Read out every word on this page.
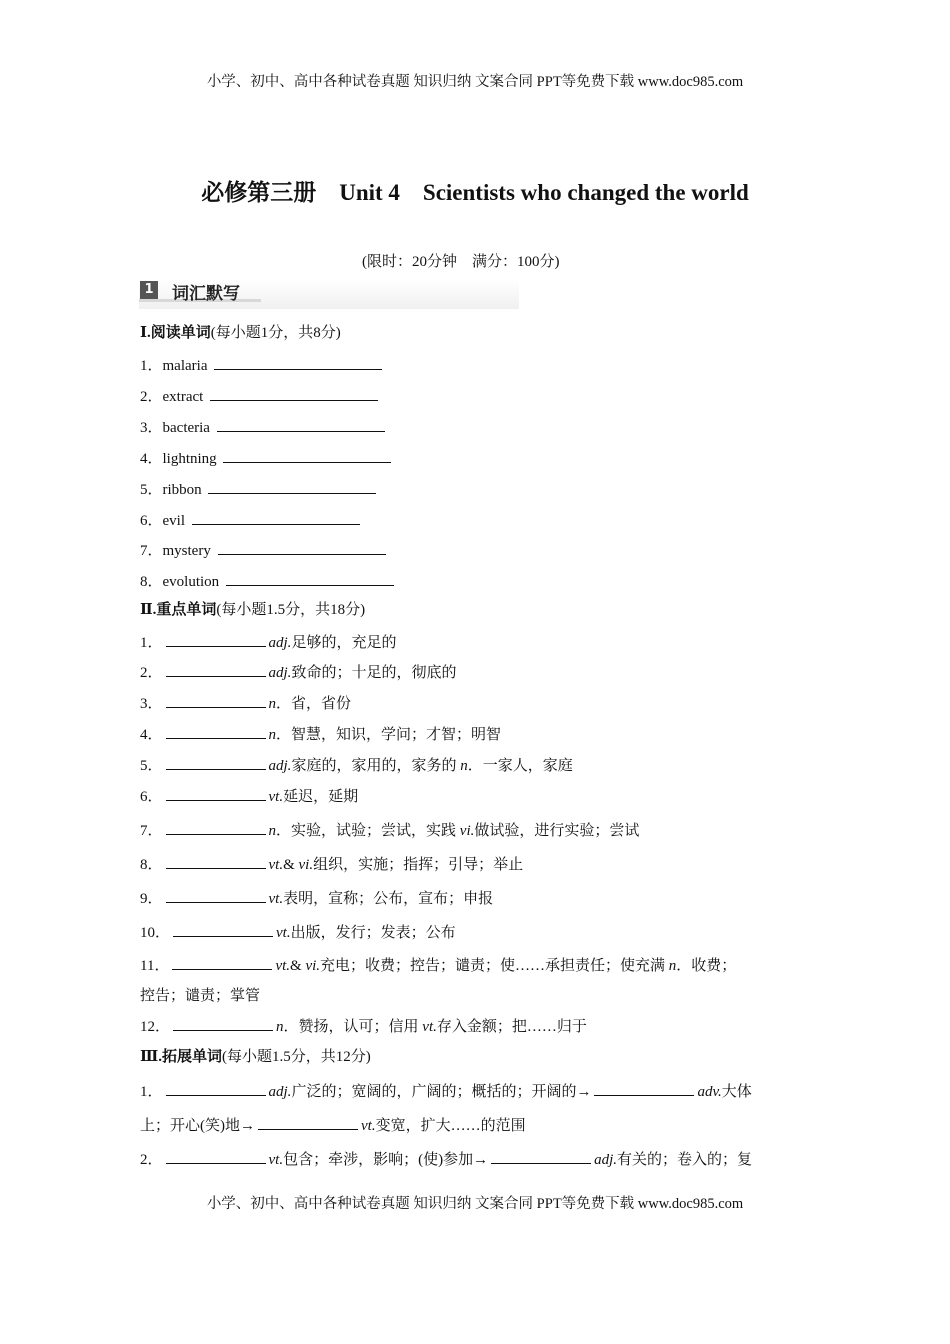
小学、初中、高中各种试卷真题 知识归纳 文案合同 PPT等免费下载 www.doc985.com
必修第三册　Unit 4　Scientists who changed the world
(限时：20分钟　满分：100分)
1 词汇默写
Ⅰ.阅读单词(每小题1分，共8分)
1．malaria
2．extract
3．bacteria
4．lightning
5．ribbon
6．evil
7．mystery
8．evolution
Ⅱ.重点单词(每小题1.5分，共18分)
1．	adj.足够的，充足的
2．	adj.致命的；十足的，彻底的
3．	n．省，省份
4．	n．智慧，知识，学问；才智；明智
5．	adj.家庭的，家用的，家务的 n．一家人，家庭
6．	vt.延迟，延期
7．	n．实验，试验；尝试，实践 vi.做试验，进行实验；尝试
8．	vt.& vi.组织，实施；指挥；引导；举止
9．	vt.表明，宣称；公布，宣布；申报
10．	vt.出版，发行；发表；公布
11．	vt.& vi.充电；收费；控告；谴责；使……承担责任；使充满 n．收费；
控告；谴责；掌管
12．	n．赞扬，认可；信用 vt.存入金额；把……归于
Ⅲ.拓展单词(每小题1.5分，共12分)
1．	adj.广泛的；宽阔的，广阔的；概括的；开阔的→	adv.大体
上；开心(笑)地→	vt.变宽，扩大……的范围
2．	vt.包含；牵涉，影响；(使)参加→	adj.有关的；卷入的；复
小学、初中、高中各种试卷真题 知识归纳 文案合同 PPT等免费下载 www.doc985.com
